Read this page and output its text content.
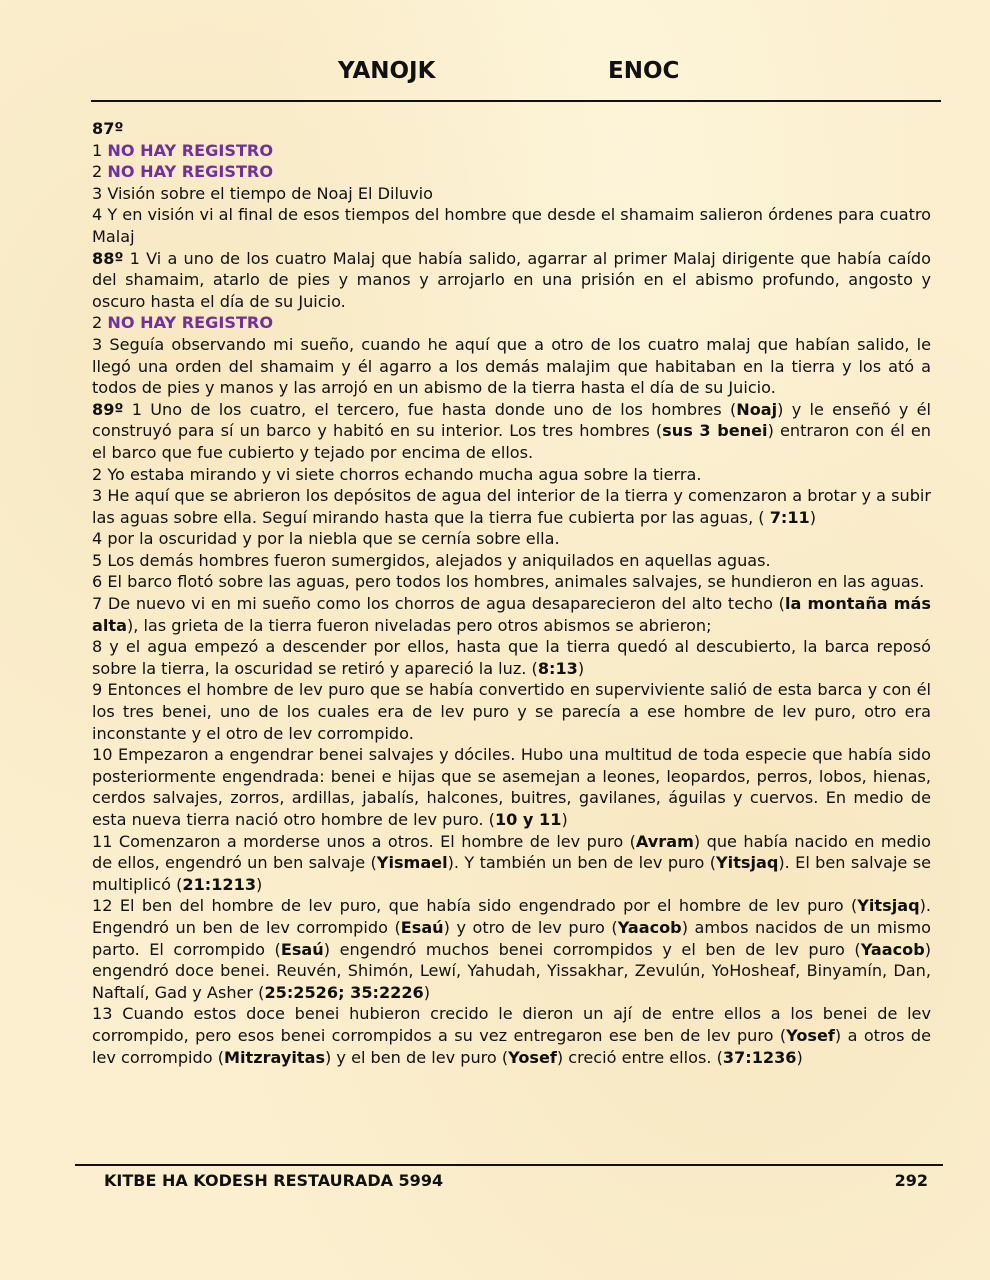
YANOJK	ENOC

87º

1 NO HAY REGISTRO

2 NO HAY REGISTRO

3 Visión sobre el tiempo de Noaj El Diluvio

4 Y en visión vi al final de esos tiempos del hombre que desde el shamaim salieron órdenes para cuatro Malaj

88º 1 Vi a uno de los cuatro Malaj que había salido, agarrar al primer Malaj dirigente que había caído del shamaim, atarlo de pies y manos y arrojarlo en una prisión en el abismo profundo, angosto y oscuro hasta el día de su Juicio.

2 NO HAY REGISTRO

3 Seguía observando mi sueño, cuando he aquí que a otro de los cuatro malaj que habían salido, le llegó una orden del shamaim y él agarro a los demás malajim que habitaban en la tierra y los ató a todos de pies y manos y las arrojó en un abismo de la tierra hasta el día de su Juicio.

89º 1 Uno de los cuatro, el tercero, fue hasta donde uno de los hombres (Noaj) y le enseñó y él construyó para sí un barco y habitó en su interior. Los tres hombres (sus 3 benei) entraron con él en el barco que fue cubierto y tejado por encima de ellos.

2 Yo estaba mirando y vi siete chorros echando mucha agua sobre la tierra.

3 He aquí que se abrieron los depósitos de agua del interior de la tierra y comenzaron a brotar y a subir las aguas sobre ella. Seguí mirando hasta que la tierra fue cubierta por las aguas, ( 7:11)

4 por la oscuridad y por la niebla que se cernía sobre ella.

5 Los demás hombres fueron sumergidos, alejados y aniquilados en aquellas aguas.

6 El barco flotó sobre las aguas, pero todos los hombres, animales salvajes, se hundieron en las aguas.

7 De nuevo vi en mi sueño como los chorros de agua desaparecieron del alto techo (la montaña más alta), las grieta de la tierra fueron niveladas pero otros abismos se abrieron;

8 y el agua empezó a descender por ellos, hasta que la tierra quedó al descubierto, la barca reposó sobre la tierra, la oscuridad se retiró y apareció la luz. (8:13)

9 Entonces el hombre de lev puro que se había convertido en superviviente salió de esta barca y con él los tres benei, uno de los cuales era de lev puro y se parecía a ese hombre de lev puro, otro era inconstante y el otro de lev corrompido.

10 Empezaron a engendrar benei salvajes y dóciles. Hubo una multitud de toda especie que había sido posteriormente engendrada: benei e hijas que se asemejan a leones, leopardos, perros, lobos, hienas, cerdos salvajes, zorros, ardillas, jabalís, halcones, buitres, gavilanes, águilas y cuervos. En medio de esta nueva tierra nació otro hombre de lev puro. (10 y 11)

11 Comenzaron a morderse unos a otros. El hombre de lev puro (Avram) que había nacido en medio de ellos, engendró un ben salvaje (Yismael). Y también un ben de lev puro (Yitsjaq). El ben salvaje se multiplicó (21:1213)

12 El ben del hombre de lev puro, que había sido engendrado por el hombre de lev puro (Yitsjaq). Engendró un ben de lev corrompido (Esaú) y otro de lev puro (Yaacob) ambos nacidos de un mismo parto. El corrompido (Esaú) engendró muchos benei corrompidos y el ben de lev puro (Yaacob) engendró doce benei. Reuvén, Shimón, Lewí, Yahudah, Yissakhar, Zevulún, YoHosheaf, Binyamín, Dan, Naftalí, Gad y Asher (25:2526; 35:2226)

13 Cuando estos doce benei hubieron crecido le dieron un ají de entre ellos a los benei de lev corrompido, pero esos benei corrompidos a su vez entregaron ese ben de lev puro (Yosef) a otros de lev corrompido (Mitzrayitas) y el ben de lev puro (Yosef) creció entre ellos. (37:1236)

KITBE HA KODESH RESTAURADA 5994	292
